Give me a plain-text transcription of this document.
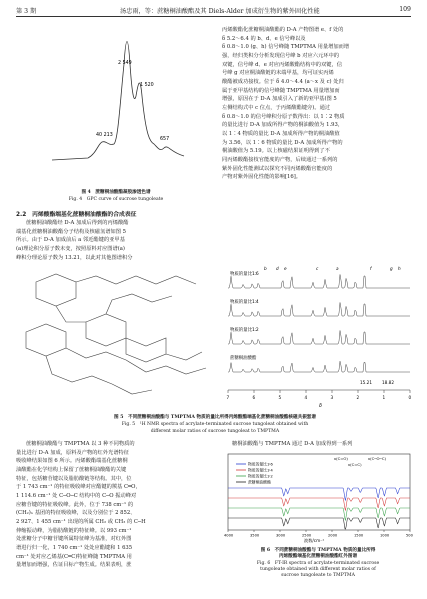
第 3 期	汤忠雨，等：蔗糖桐油酸酯及其 Diels-Alder 加成衍生物的紫外固化性能	109
2 549
1 520
40 213
657
图 4　蔗糖桐油酸酯凝胶渗透色谱
Fig. 4　GPC curve of sucrose tungoleate
2.2　丙烯酸酯端基化蔗糖桐油酸酯的合成表征
蔗糖桐油酸酯经 D-A 加成后得到的丙烯酸酯
端基化蔗糖桐油酸酯分子结构及核磁氢谱如图 5
所示。由于 D-A 加成前后 a 邻近酯键的亚甲基
(a)理论积分原子数未变，按照原料对应图谱(a)
峰积分理论原子数为 13.21，以此对其他图谱积分
丙烯酸酯化蔗糖桐油酸酯的 D-A 产物图谱 e、f 处的
δ 5.2～6.4 的 b、d、e 信号峰以及
δ 0.8～1.0 (g、h) 信号峰随 TMPTMA 用量增加而增
强，经归类积分分析发现信号峰 b 对应六元环中的
双键，信号峰 d、e 对应丙烯酸酯结构中的双键，信
号峰 g 对应桐油酸链的末端甲基，均可证实丙烯
酸酯被成功接枝。位于 δ 4.0～4.4 (a～x 及 c) 处归
属于亚甲基结构的信号峰随 TMPTMA 用量增加而
增强，原因在于 D-A 加成引入了新的亚甲基(图 5
左侧结构式中 c 位点，于丙烯酸酯键旁)。通过
δ 0.8～1.0 的信号峰积分原子数得出：以 1∶2 物质
的量比进行 D-A 加成所得产物的桐油酸值为 1.93，
以 1∶4 物质的量比 D-A 加成所得产物的桐油酸值
为 3.56，以 1∶6 物质的量比 D-A 加成所得产物的
桐油酸值为 5.19。以上核磁结果证明得到了不
同丙烯酸酯接枝官能度的产物，后续通过一系列的
紫外固化性能测试以探究不同丙烯酸酯官能度的
产物对紫外固化性能的影响[16]。
7	6	5	4	3	2	1	0
b d e	c	a	f	g h
物质的量比1∶6
物质的量比1∶4
物质的量比1∶2
蔗糖桐油酸酯
15.21 18.82
δ
图 5　不同蔗糖桐油酸酯与 TMPTMA 物质的量比所得丙烯酸酯端基化蔗糖桐油酸酯核磁共振氢谱
Fig. 5　¹H NMR spectra of acrylate-terminated sucrose tungoleat obtained with
different molar ratios of sucrose tungoleat to TMPTMA
蔗糖桐油酸酯与 TMPTMA 以 3 种不同物质的
量比进行 D-A 加成，原料及产物的红外光谱特征
吸收峰结果如图 6 所示。丙烯酸酯端基化蔗糖桐
油酸酯在化学结构上保留了蔗糖桐油酸酯的关键
特征，包括糖苷键以及脂肪酸链等结构。其中，位
于 1 743 cm⁻¹ 的特征吸收峰对应酯键的羰基 C═O，
1 114.6 cm⁻¹ 处 C─O─C 结构中的 C─O 振动峰对
应糖苷键的特征吸收峰。此外，位于 738 cm⁻¹ 的
(CH₂)ₙ 基团的特征吸收峰，以及分别位于 2 852、
2 927、1 455 cm⁻¹ 出现的所属 CH₂ 或 CH₃ 的 C─H
伸缩振动峰，为脂肪酸链的特征峰。以 993 cm⁻¹
处蔗糖分子中糖苷键所属特征峰为基准，对红外图
谱进行归一化，1 740 cm⁻¹ 处处应酯键和 1 635
cm⁻¹ 处对应乙烯基(C═C)特征峰随 TMPTMA 用
量增加而增强，佐证目标产物生成。结果表明，蔗
糖桐油酸酯与 TMPTMA 通过 D-A 加成得到一系列
4000	3500	3000	2500	2000	1500	1000	500
ν(C=O)
ν(C=C)
ν(C─O─C)
物质的量比1∶6
物质的量比1∶4
物质的量比1∶2
蔗糖桐油酸酯
波数/cm⁻¹
图 6　不同蔗糖桐油酸酯与 TMPTMA 物质的量比所得
丙烯酸酯端基化蔗糖桐油酸酯红外图谱
Fig. 6　FT-IR spectra of acrylate-terminated sucrose
tungoleate obtained with different molar ratios of
sucrose tungoleate to TMPTMA
